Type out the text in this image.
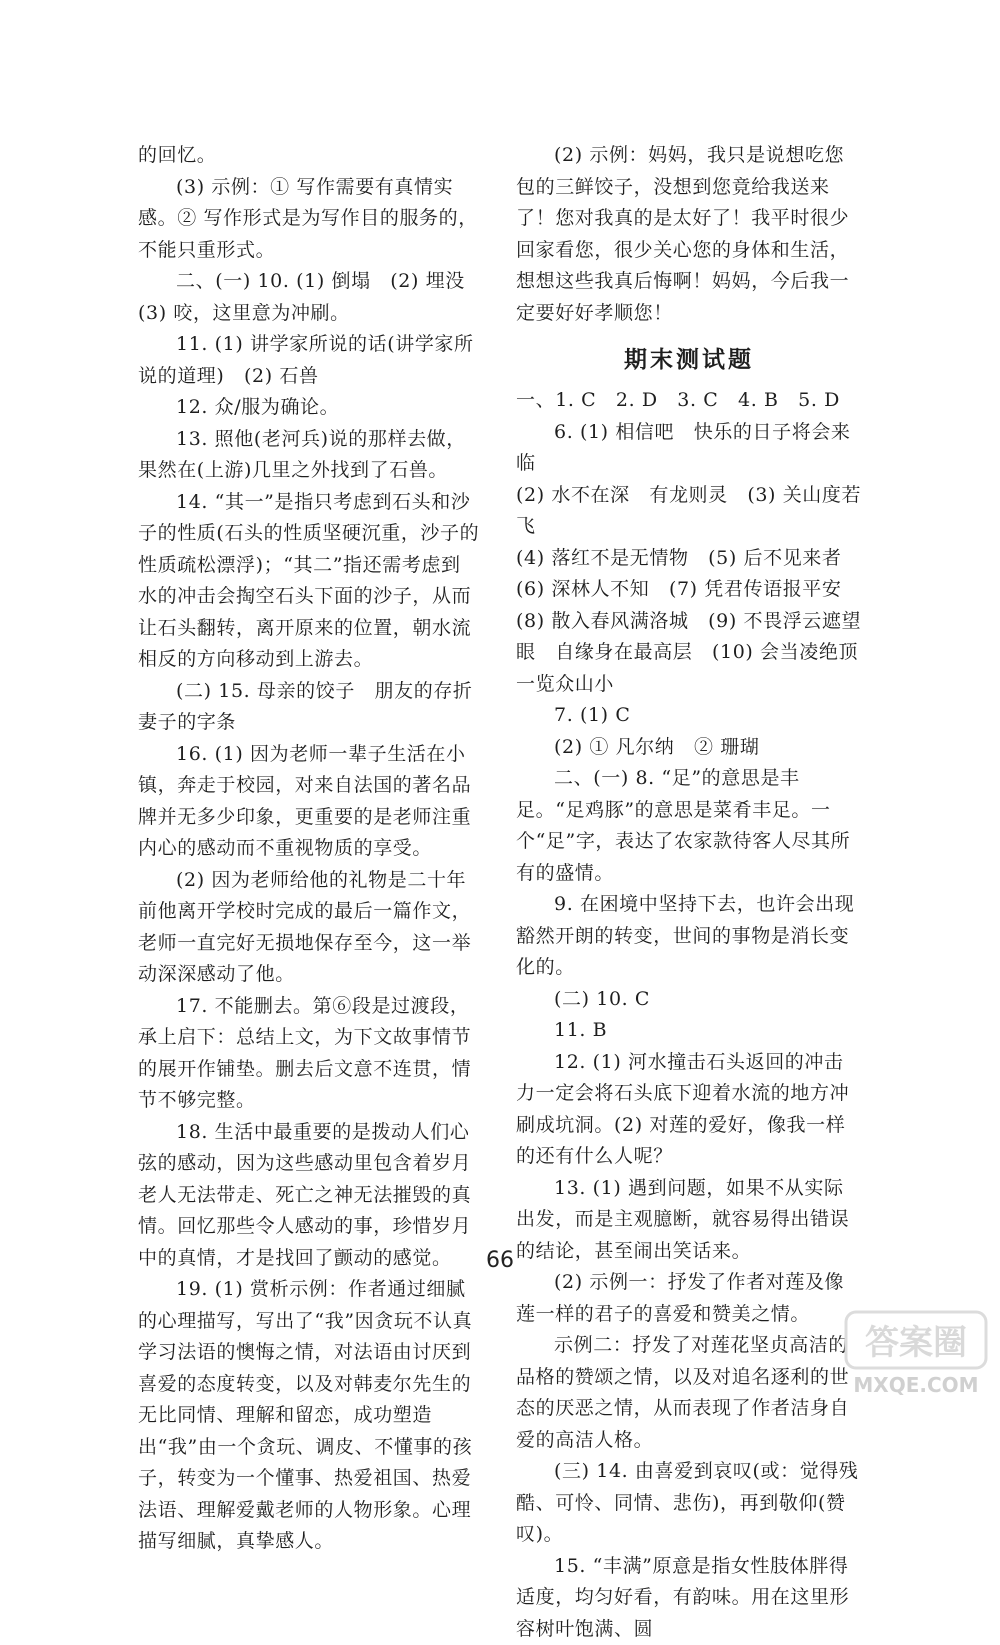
的回忆。

(3) 示例：① 写作需要有真情实感。② 写作形式是为写作目的服务的，不能只重形式。

二、(一) 10. (1) 倒塌　(2) 埋没

(3) 咬，这里意为冲刷。

11. (1) 讲学家所说的话(讲学家所说的道理)　(2) 石兽

12. 众/服为确论。

13. 照他(老河兵)说的那样去做，果然在(上游)几里之外找到了石兽。

14. “其一”是指只考虑到石头和沙子的性质(石头的性质坚硬沉重，沙子的性质疏松漂浮)；“其二”指还需考虑到水的冲击会掏空石头下面的沙子，从而让石头翻转，离开原来的位置，朝水流相反的方向移动到上游去。

(二) 15. 母亲的饺子　朋友的存折　妻子的字条

16. (1) 因为老师一辈子生活在小镇，奔走于校园，对来自法国的著名品牌并无多少印象，更重要的是老师注重内心的感动而不重视物质的享受。

(2) 因为老师给他的礼物是二十年前他离开学校时完成的最后一篇作文，老师一直完好无损地保存至今，这一举动深深感动了他。

17. 不能删去。第⑥段是过渡段，承上启下：总结上文，为下文故事情节的展开作铺垫。删去后文意不连贯，情节不够完整。

18. 生活中最重要的是拨动人们心弦的感动，因为这些感动里包含着岁月老人无法带走、死亡之神无法摧毁的真情。回忆那些令人感动的事，珍惜岁月中的真情，才是找回了颤动的感觉。

19. (1) 赏析示例：作者通过细腻的心理描写，写出了“我”因贪玩不认真学习法语的懊悔之情，对法语由讨厌到喜爱的态度转变，以及对韩麦尔先生的无比同情、理解和留恋，成功塑造出“我”由一个贪玩、调皮、不懂事的孩子，转变为一个懂事、热爱祖国、热爱法语、理解爱戴老师的人物形象。心理描写细腻，真挚感人。

(2) 示例：妈妈，我只是说想吃您包的三鲜饺子，没想到您竟给我送来了！您对我真的是太好了！我平时很少回家看您，很少关心您的身体和生活，想想这些我真后悔啊！妈妈，今后我一定要好好孝顺您！

期末测试题

一、1. C　2. D　3. C　4. B　5. D

6. (1) 相信吧　快乐的日子将会来临

(2) 水不在深　有龙则灵　(3) 关山度若飞

(4) 落红不是无情物　(5) 后不见来者

(6) 深林人不知　(7) 凭君传语报平安

(8) 散入春风满洛城　(9) 不畏浮云遮望眼　自缘身在最高层　(10) 会当凌绝顶　一览众山小

7. (1) C

(2) ① 凡尔纳　② 珊瑚

二、(一) 8. “足”的意思是丰足。“足鸡豚”的意思是菜肴丰足。一个“足”字，表达了农家款待客人尽其所有的盛情。

9. 在困境中坚持下去，也许会出现豁然开朗的转变，世间的事物是消长变化的。

(二) 10. C

11. B

12. (1) 河水撞击石头返回的冲击力一定会将石头底下迎着水流的地方冲刷成坑洞。(2) 对莲的爱好，像我一样的还有什么人呢？

13. (1) 遇到问题，如果不从实际出发，而是主观臆断，就容易得出错误的结论，甚至闹出笑话来。

(2) 示例一：抒发了作者对莲及像莲一样的君子的喜爱和赞美之情。

示例二：抒发了对莲花坚贞高洁的品格的赞颂之情，以及对追名逐利的世态的厌恶之情，从而表现了作者洁身自爱的高洁人格。

(三) 14. 由喜爱到哀叹(或：觉得残酷、可怜、同情、悲伤)，再到敬仰(赞叹)。

15. “丰满”原意是指女性肢体胖得适度，均匀好看，有韵味。用在这里形容树叶饱满、圆

66
答案圈
MXQE.COM
